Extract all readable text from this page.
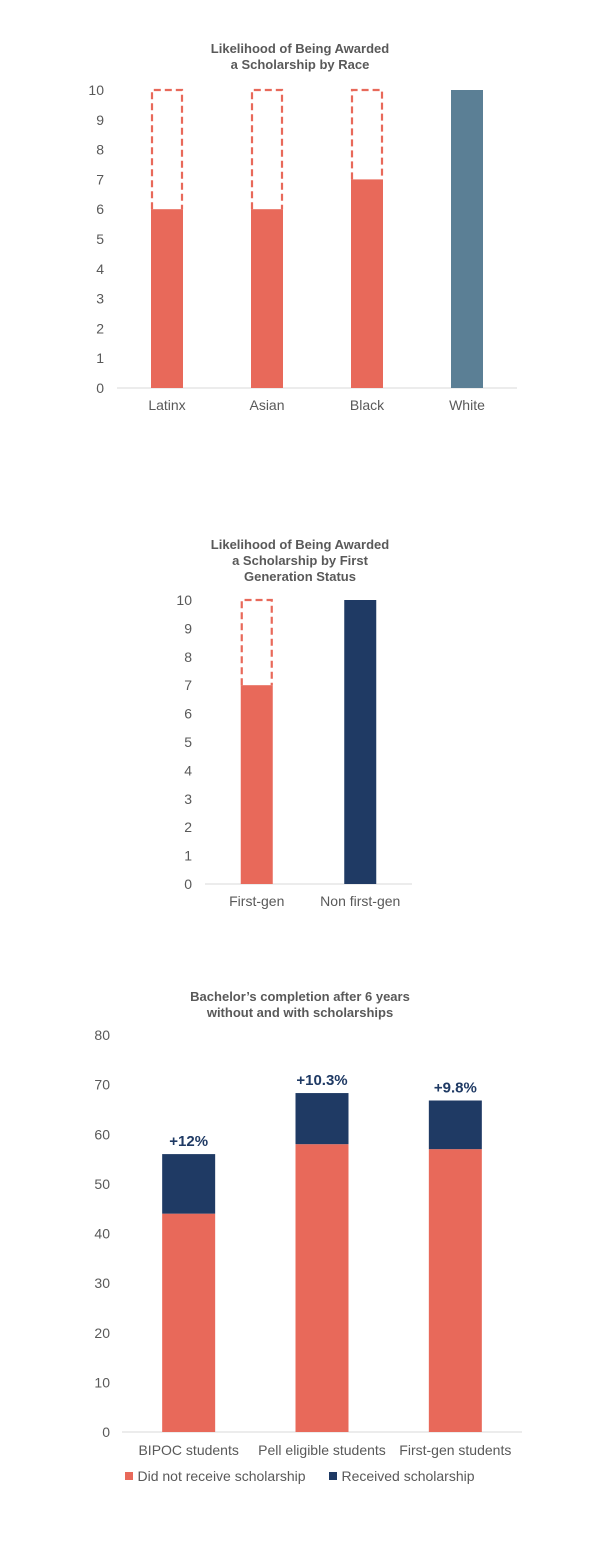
Likelihood of Being Awarded
a Scholarship by Race
0
1
2
3
4
5
6
7
8
9
10
Latinx	Asian	Black	White
Likelihood of Being Awarded
a Scholarship by First
Generation Status
0
1
2
3
4
5
6
7
8
9
10
First-gen	Non first-gen
Bachelor’s completion after 6 years
without and with scholarships
0
10
20
30
40
50
60
70
80
BIPOC students
+12%
Pell eligible students
+10.3%
First-gen students
+9.8%
Did not receive scholarship	Received scholarship
